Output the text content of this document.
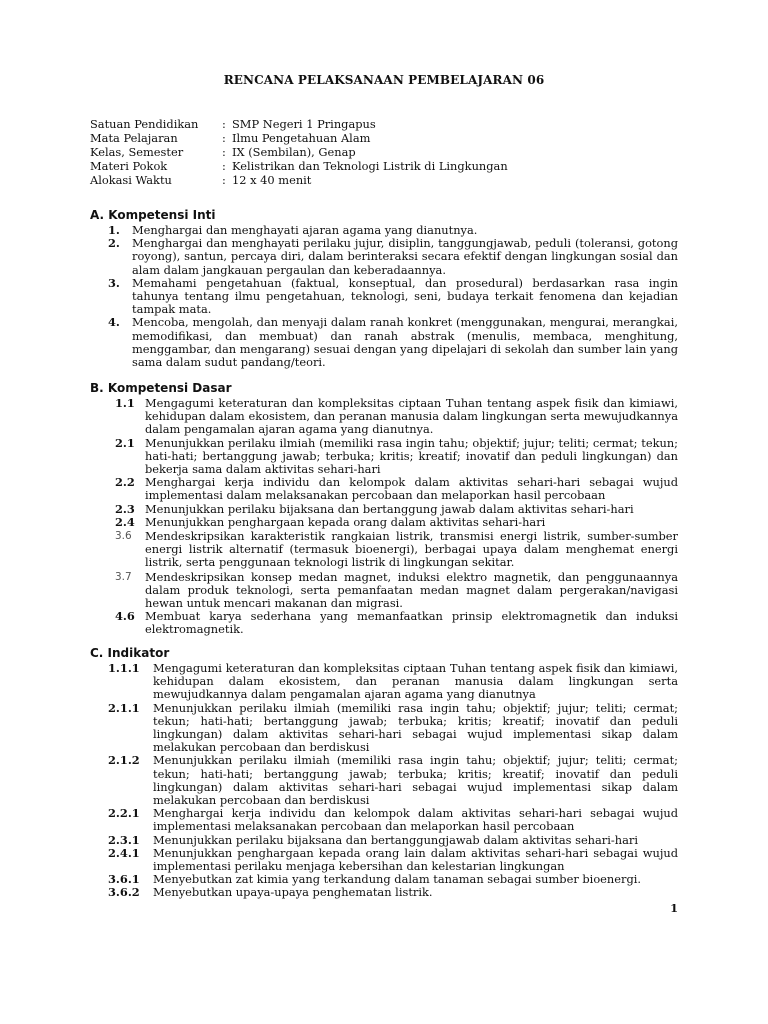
RENCANA PELAKSANAAN PEMBELAJARAN 06
Satuan Pendidikan	: SMP Negeri 1 Pringapus
Mata Pelajaran	: Ilmu Pengetahuan Alam
Kelas, Semester	: IX (Sembilan), Genap
Materi Pokok	: Kelistrikan dan Teknologi Listrik di Lingkungan
Alokasi Waktu	: 12 x 40 menit
A. Kompetensi Inti
1.	Menghargai dan menghayati ajaran agama yang dianutnya.
2.	Menghargai dan menghayati perilaku jujur, disiplin, tanggungjawab, peduli (toleransi, gotong royong), santun, percaya diri, dalam berinteraksi secara efektif dengan lingkungan sosial dan alam dalam jangkauan pergaulan dan keberadaannya.
3.	Memahami pengetahuan (faktual, konseptual, dan prosedural) berdasarkan rasa ingin tahunya tentang ilmu pengetahuan, teknologi, seni, budaya terkait fenomena dan kejadian tampak mata.
4.	Mencoba, mengolah, dan menyaji dalam ranah konkret (menggunakan, mengurai, merangkai, memodifikasi, dan membuat) dan ranah abstrak (menulis, membaca, menghitung, menggambar, dan mengarang) sesuai dengan yang dipelajari di sekolah dan sumber lain yang sama dalam sudut pandang/teori.
B. Kompetensi Dasar
1.1 Mengagumi keteraturan dan kompleksitas ciptaan Tuhan tentang aspek fisik dan kimiawi, kehidupan dalam ekosistem, dan peranan manusia dalam lingkungan serta mewujudkannya dalam pengamalan ajaran agama yang dianutnya.
2.1 Menunjukkan perilaku ilmiah (memiliki rasa ingin tahu; objektif; jujur; teliti; cermat; tekun; hati-hati; bertanggung jawab; terbuka; kritis; kreatif; inovatif dan peduli lingkungan) dan bekerja sama dalam aktivitas sehari-hari
2.2 Menghargai kerja individu dan kelompok dalam aktivitas sehari-hari sebagai wujud implementasi dalam melaksanakan percobaan dan melaporkan hasil percobaan
2.3 Menunjukkan perilaku bijaksana dan bertanggung jawab dalam aktivitas sehari-hari
2.4 Menunjukkan penghargaan kepada orang dalam aktivitas sehari-hari
3.6	Mendeskripsikan karakteristik rangkaian listrik, transmisi energi listrik, sumber-sumber energi listrik alternatif (termasuk bioenergi), berbagai upaya dalam menghemat energi listrik, serta penggunaan teknologi listrik di lingkungan sekitar.
3.7	Mendeskripsikan konsep medan magnet, induksi elektro magnetik, dan penggunaannya dalam produk teknologi, serta pemanfaatan medan magnet dalam pergerakan/navigasi hewan untuk mencari makanan dan migrasi.
4.6 Membuat karya sederhana yang memanfaatkan prinsip elektromagnetik dan induksi elektromagnetik.
C. Indikator
1.1.1	Mengagumi keteraturan dan kompleksitas ciptaan Tuhan tentang aspek fisik dan kimiawi, kehidupan dalam ekosistem, dan peranan manusia dalam lingkungan serta mewujudkannya dalam pengamalan ajaran agama yang dianutnya
2.1.1	Menunjukkan perilaku ilmiah (memiliki rasa ingin tahu; objektif; jujur; teliti; cermat; tekun; hati-hati; bertanggung jawab; terbuka; kritis; kreatif; inovatif dan peduli lingkungan) dalam aktivitas sehari-hari sebagai wujud implementasi sikap dalam melakukan percobaan dan berdiskusi
2.1.2	Menunjukkan perilaku ilmiah (memiliki rasa ingin tahu; objektif; jujur; teliti; cermat; tekun; hati-hati; bertanggung jawab; terbuka; kritis; kreatif; inovatif dan peduli lingkungan) dalam aktivitas sehari-hari sebagai wujud implementasi sikap dalam melakukan percobaan dan berdiskusi
2.2.1	Menghargai kerja individu dan kelompok dalam aktivitas sehari-hari sebagai wujud implementasi melaksanakan percobaan dan melaporkan hasil percobaan
2.3.1	Menunjukkan perilaku bijaksana dan bertanggungjawab dalam aktivitas sehari-hari
2.4.1	Menunjukkan penghargaan kepada orang lain dalam aktivitas sehari-hari sebagai wujud implementasi perilaku menjaga kebersihan dan kelestarian lingkungan
3.6.1	Menyebutkan zat kimia yang terkandung dalam tanaman sebagai sumber bioenergi.
3.6.2	Menyebutkan upaya-upaya penghematan listrik.
1
